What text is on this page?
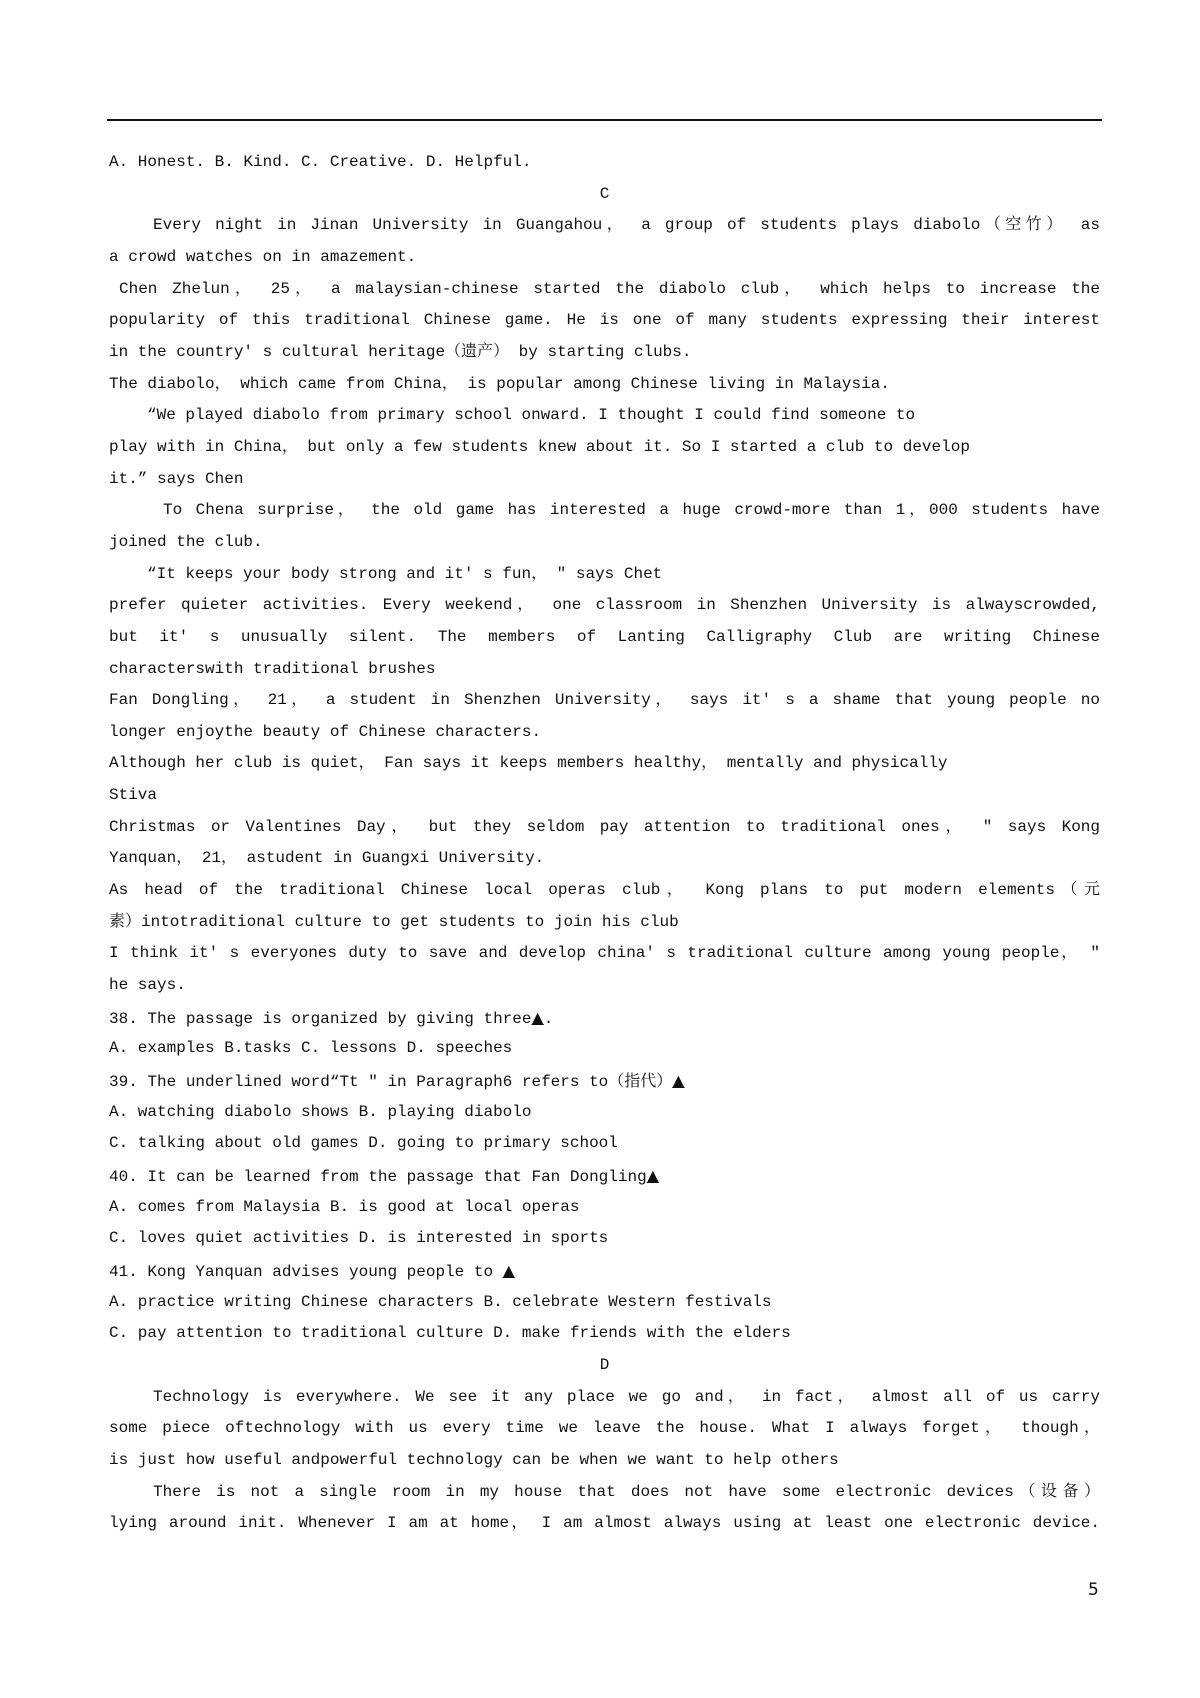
A. Honest. B. Kind. C. Creative. D. Helpful.
C
Every night in Jinan University in Guangahou， a group of students plays diabolo（空竹） as
a crowd watches on in amazement.
Chen Zhelun， 25， a malaysian-chinese started the diabolo club， which helps to increase the
popularity of this traditional Chinese game. He is one of many students expressing their interest
in the country′ s cultural heritage（遗产） by starting clubs.
The diabolo， which came from China， is popular among Chinese living in Malaysia.
“We played diabolo from primary school onward. I thought I could find someone to
play with in China， but only a few students knew about it. So I started a club to develop
it.” says Chen
To Chena surprise， the old game has interested a huge crowd-more than 1，000 students have
joined the club.
“It keeps your body strong and it′ s fun， " says Chet
prefer quieter activities. Every weekend， one classroom in Shenzhen University is alwayscrowded,
but it′ s unusually silent. The members of Lanting Calligraphy Club are writing Chinese
characterswith traditional brushes
Fan Dongling， 21， a student in Shenzhen University， says it′ s a shame that young people no
longer enjoythe beauty of Chinese characters.
Although her club is quiet， Fan says it keeps members healthy， mentally and physically
Stiva
Christmas or Valentines Day， but they seldom pay attention to traditional ones， " says Kong
Yanquan， 21， astudent in Guangxi University.
As head of the traditional Chinese local operas club， Kong plans to put modern elements（元
素）intotraditional culture to get students to join his club
I think it′ s everyones duty to save and develop china′ s traditional culture among young people， "
he says.
38. The passage is organized by giving three▲.
A. examples B.tasks C. lessons D. speeches
39. The underlined word“Tt " in Paragraph6 refers to（指代）▲
A. watching diabolo shows B. playing diabolo
C. talking about old games D. going to primary school
40. It can be learned from the passage that Fan Dongling▲
A. comes from Malaysia B. is good at local operas
C. loves quiet activities D. is interested in sports
41. Kong Yanquan advises young people to ▲
A. practice writing Chinese characters B. celebrate Western festivals
C. pay attention to traditional culture D. make friends with the elders
D
Technology is everywhere. We see it any place we go and， in fact， almost all of us carry
some piece oftechnology with us every time we leave the house. What I always forget， though，
is just how useful andpowerful technology can be when we want to help others
There is not a single room in my house that does not have some electronic devices（设备）
lying around init. Whenever I am at home， I am almost always using at least one electronic device.
5
